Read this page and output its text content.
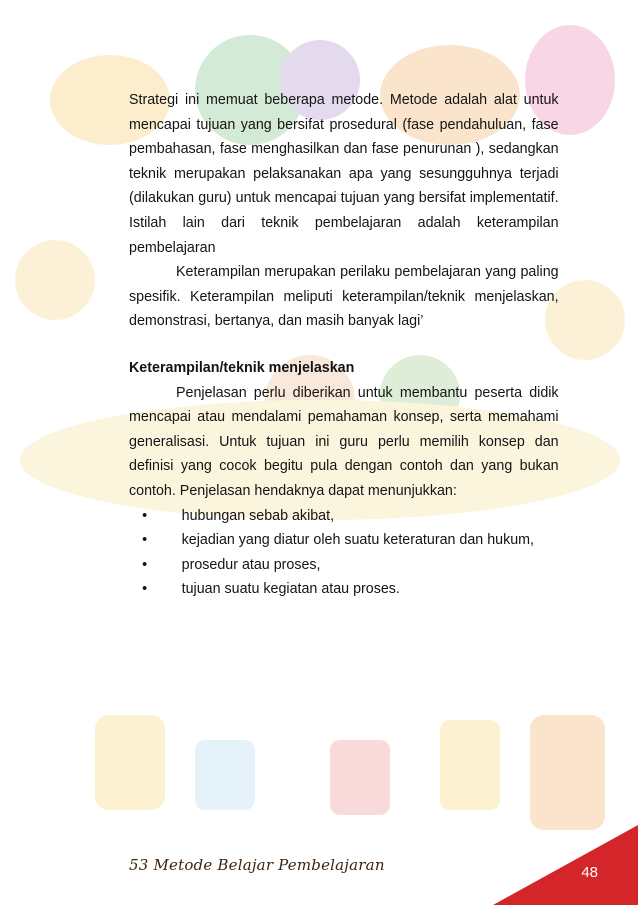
Strategi ini memuat beberapa metode. Metode adalah alat untuk mencapai tujuan yang bersifat prosedural (fase pendahuluan, fase pembahasan, fase menghasilkan dan fase penurunan ), sedangkan teknik merupakan pelaksanakan apa yang sesungguhnya terjadi (dilakukan guru) untuk mencapai tujuan yang bersifat implementatif. Istilah lain dari teknik pembelajaran adalah keterampilan pembelajaran

Keterampilan merupakan perilaku pembelajaran yang paling spesifik. Keterampilan meliputi keterampilan/teknik menjelaskan, demonstrasi, bertanya, dan masih banyak lagi’

Keterampilan/teknik menjelaskan

Penjelasan perlu diberikan untuk membantu peserta didik mencapai atau mendalami pemahaman konsep, serta memahami generalisasi. Untuk tujuan ini guru perlu memilih konsep dan definisi yang cocok begitu pula dengan contoh dan yang bukan contoh. Penjelasan hendaknya dapat menunjukkan:

• hubungan sebab akibat,
• kejadian yang diatur oleh suatu keteraturan dan hukum,
• prosedur atau proses,
• tujuan suatu kegiatan atau proses.
53 Metode Belajar Pembelajaran	48
